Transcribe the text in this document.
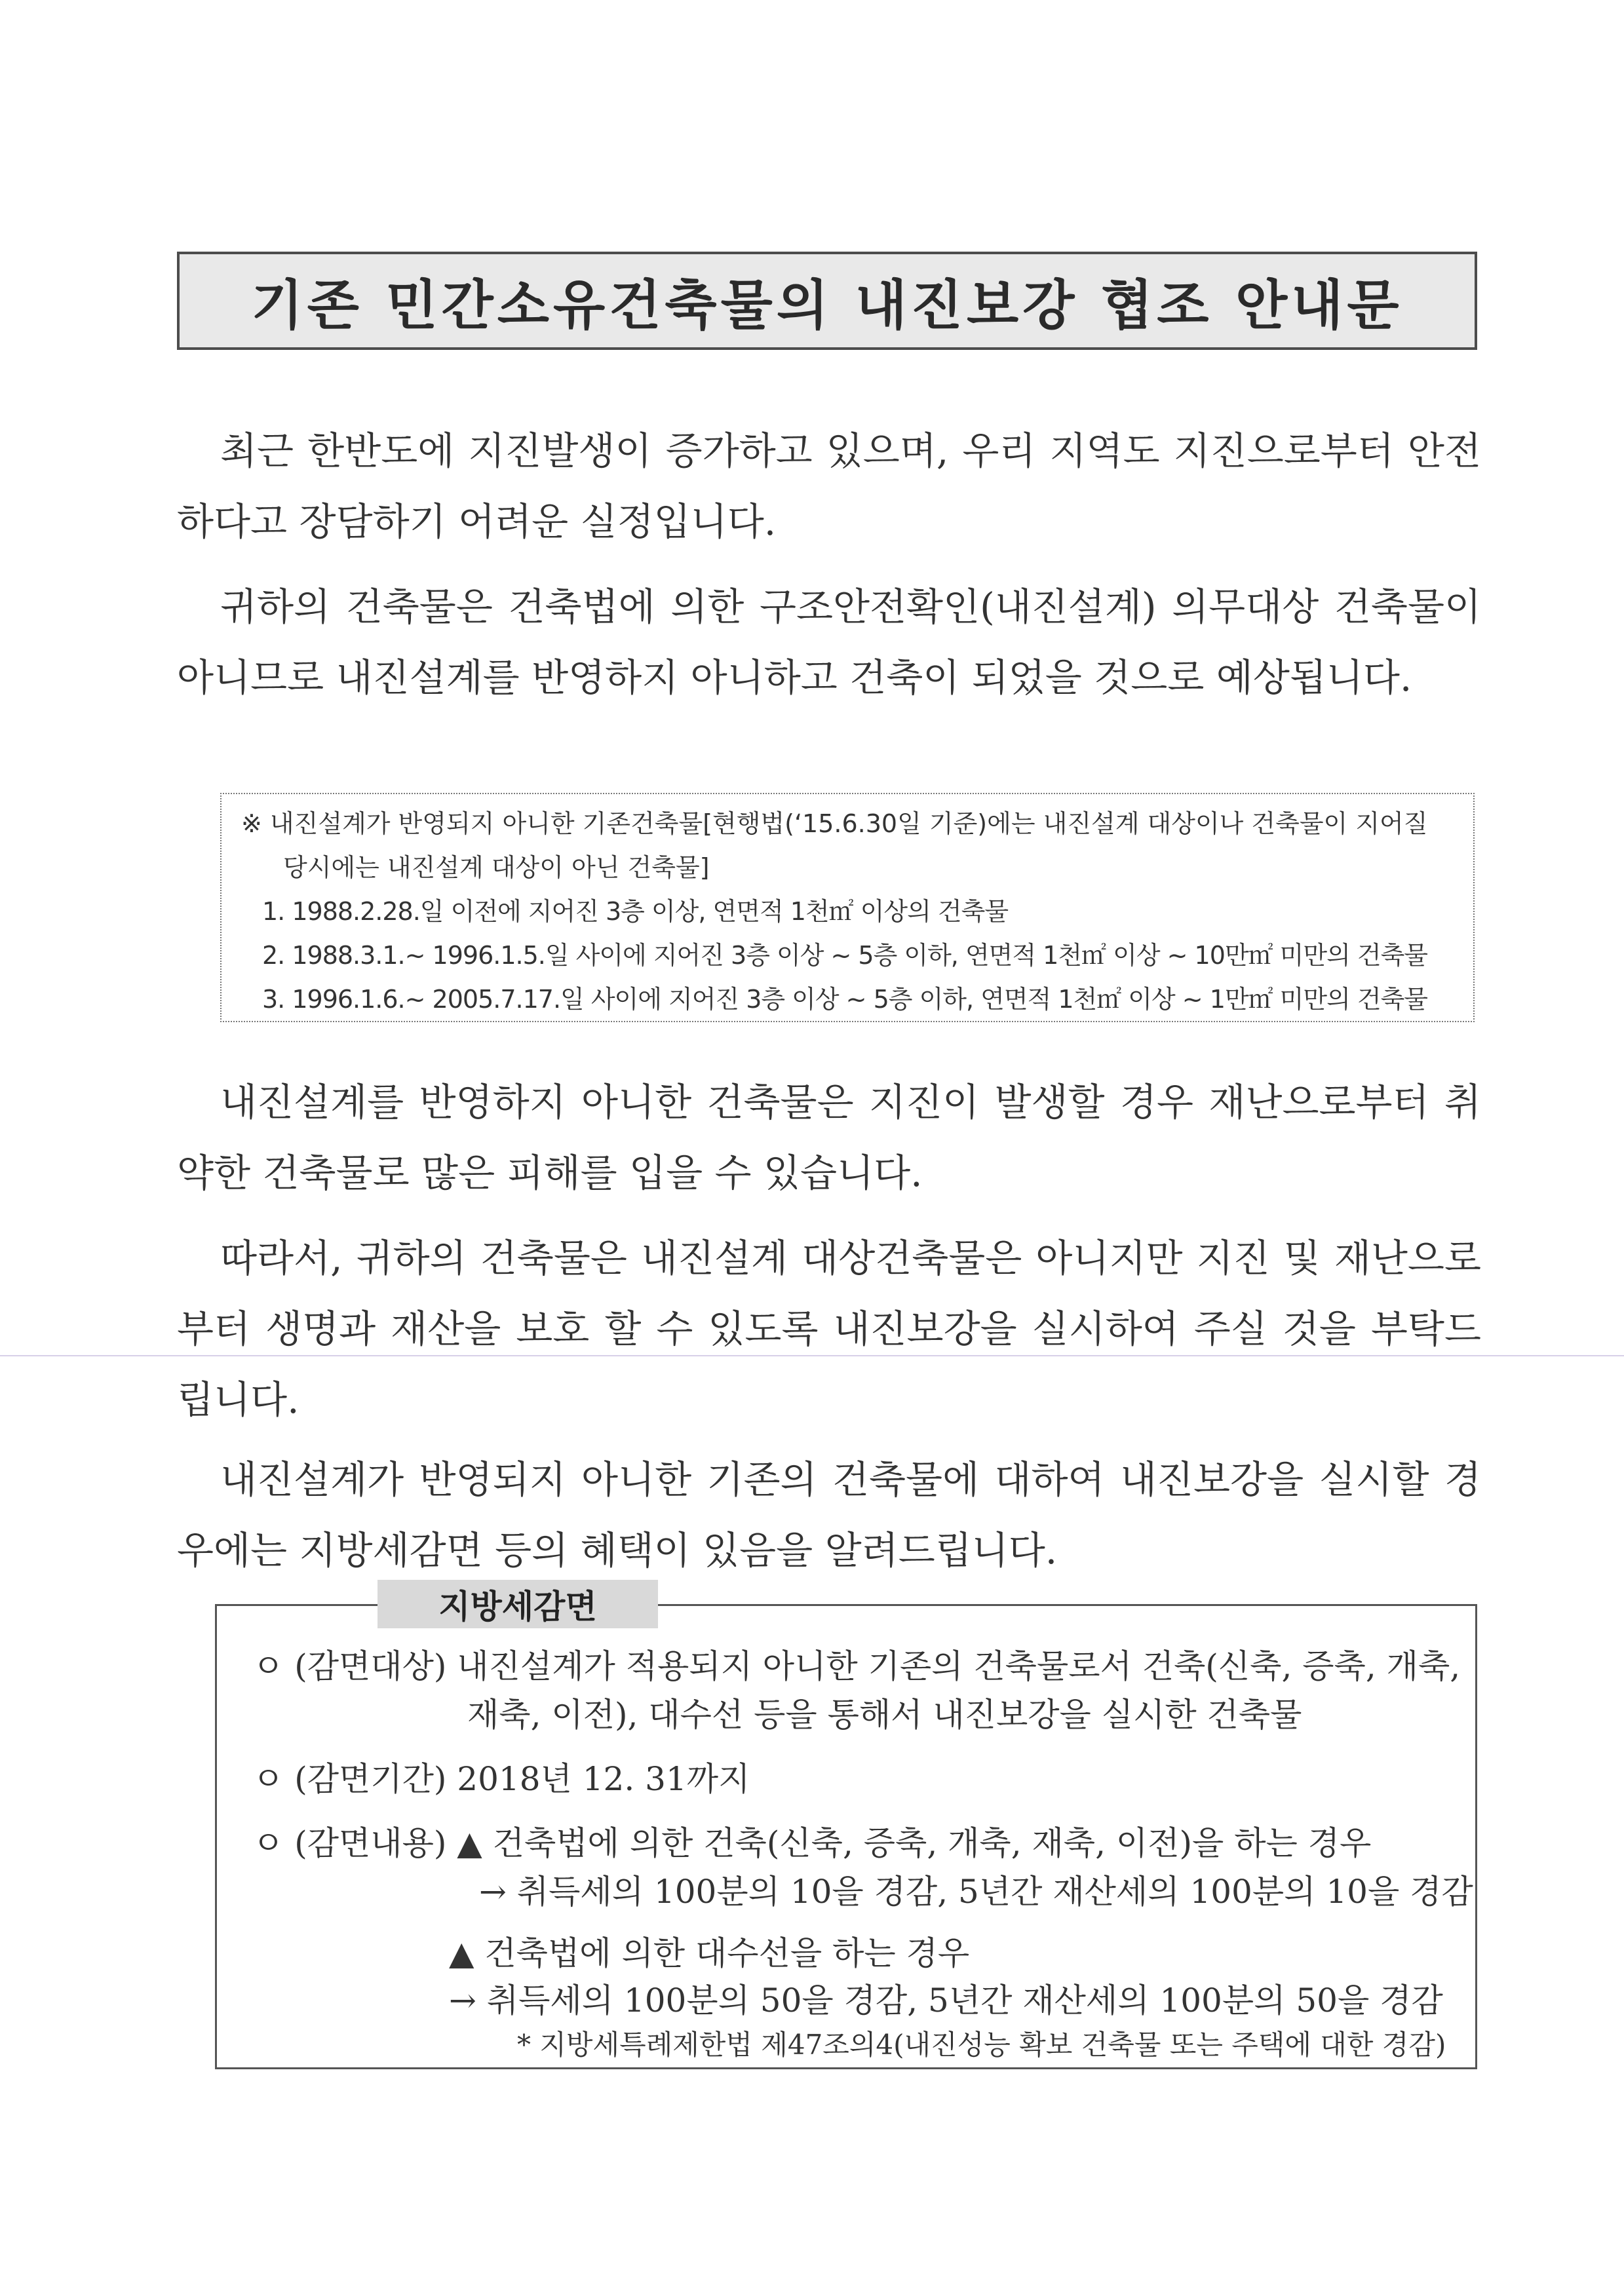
기존 민간소유건축물의 내진보강 협조 안내문

최근 한반도에 지진발생이 증가하고 있으며, 우리 지역도 지진으로부터 안전하다고 장담하기 어려운 실정입니다.

귀하의 건축물은 건축법에 의한 구조안전확인(내진설계) 의무대상 건축물이 아니므로 내진설계를 반영하지 아니하고 건축이 되었을 것으로 예상됩니다.

※ 내진설계가 반영되지 아니한 기존건축물[현행법(‘15.6.30일 기준)에는 내진설계 대상이나 건축물이 지어질 당시에는 내진설계 대상이 아닌 건축물]

1. 1988.2.28.일 이전에 지어진 3층 이상, 연면적 1천㎡ 이상의 건축물

2. 1988.3.1.~ 1996.1.5.일 사이에 지어진 3층 이상 ~ 5층 이하, 연면적 1천㎡ 이상 ~ 10만㎡ 미만의 건축물

3. 1996.1.6.~ 2005.7.17.일 사이에 지어진 3층 이상 ~ 5층 이하, 연면적 1천㎡ 이상 ~ 1만㎡ 미만의 건축물

내진설계를 반영하지 아니한 건축물은 지진이 발생할 경우 재난으로부터 취약한 건축물로 많은 피해를 입을 수 있습니다.

따라서, 귀하의 건축물은 내진설계 대상건축물은 아니지만 지진 및 재난으로부터 생명과 재산을 보호 할 수 있도록 내진보강을 실시하여 주실 것을 부탁드립니다.

내진설계가 반영되지 아니한 기존의 건축물에 대하여 내진보강을 실시할 경우에는 지방세감면 등의 혜택이 있음을 알려드립니다.

지방세감면

ㅇ (감면대상) 내진설계가 적용되지 아니한 기존의 건축물로서 건축(신축, 증축, 개축,

재축, 이전), 대수선 등을 통해서 내진보강을 실시한 건축물

ㅇ (감면기간) 2018년 12. 31까지

ㅇ (감면내용) ▲ 건축법에 의한 건축(신축, 증축, 개축, 재축, 이전)을 하는 경우

→ 취득세의 100분의 10을 경감, 5년간 재산세의 100분의 10을 경감

▲ 건축법에 의한 대수선을 하는 경우

→ 취득세의 100분의 50을 경감, 5년간 재산세의 100분의 50을 경감

* 지방세특례제한법 제47조의4(내진성능 확보 건축물 또는 주택에 대한 경감)
